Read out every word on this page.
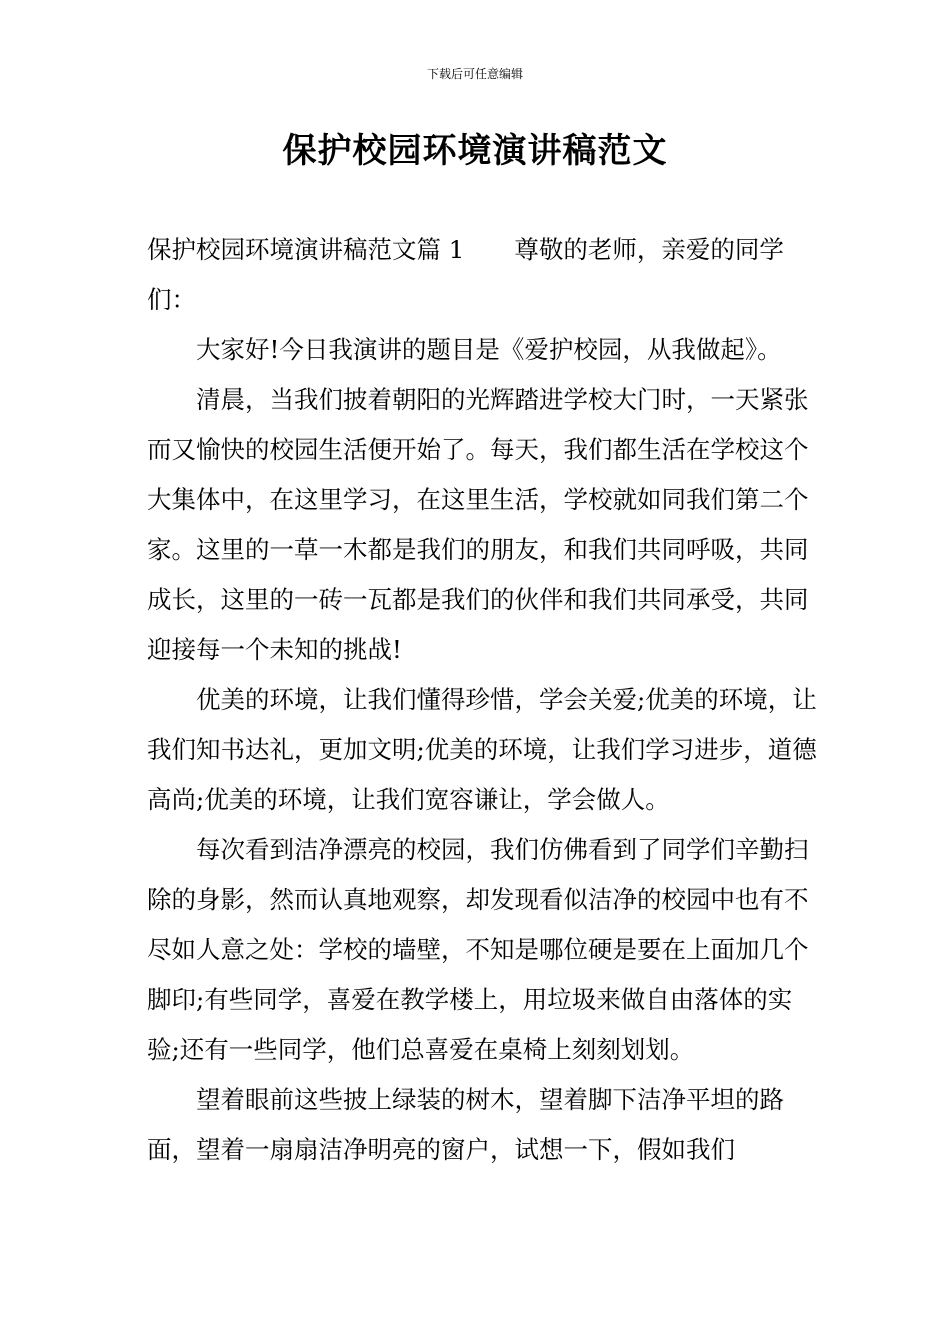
下载后可任意编辑
保护校园环境演讲稿范文

保护校园环境演讲稿范文篇 1 尊敬的老师，亲爱的同学们：

大家好!今日我演讲的题目是《爱护校园，从我做起》。

清晨，当我们披着朝阳的光辉踏进学校大门时，一天紧张而又愉快的校园生活便开始了。每天，我们都生活在学校这个大集体中，在这里学习，在这里生活，学校就如同我们第二个家。这里的一草一木都是我们的朋友，和我们共同呼吸，共同成长，这里的一砖一瓦都是我们的伙伴和我们共同承受，共同迎接每一个未知的挑战!

优美的环境，让我们懂得珍惜，学会关爱;优美的环境，让我们知书达礼，更加文明;优美的环境，让我们学习进步，道德高尚;优美的环境，让我们宽容谦让，学会做人。

每次看到洁净漂亮的校园，我们仿佛看到了同学们辛勤扫除的身影，然而认真地观察，却发现看似洁净的校园中也有不尽如人意之处：学校的墙壁，不知是哪位硬是要在上面加几个脚印;有些同学，喜爱在教学楼上，用垃圾来做自由落体的实验;还有一些同学，他们总喜爱在桌椅上刻刻划划。

望着眼前这些披上绿装的树木，望着脚下洁净平坦的路面，望着一扇扇洁净明亮的窗户，试想一下，假如我们
